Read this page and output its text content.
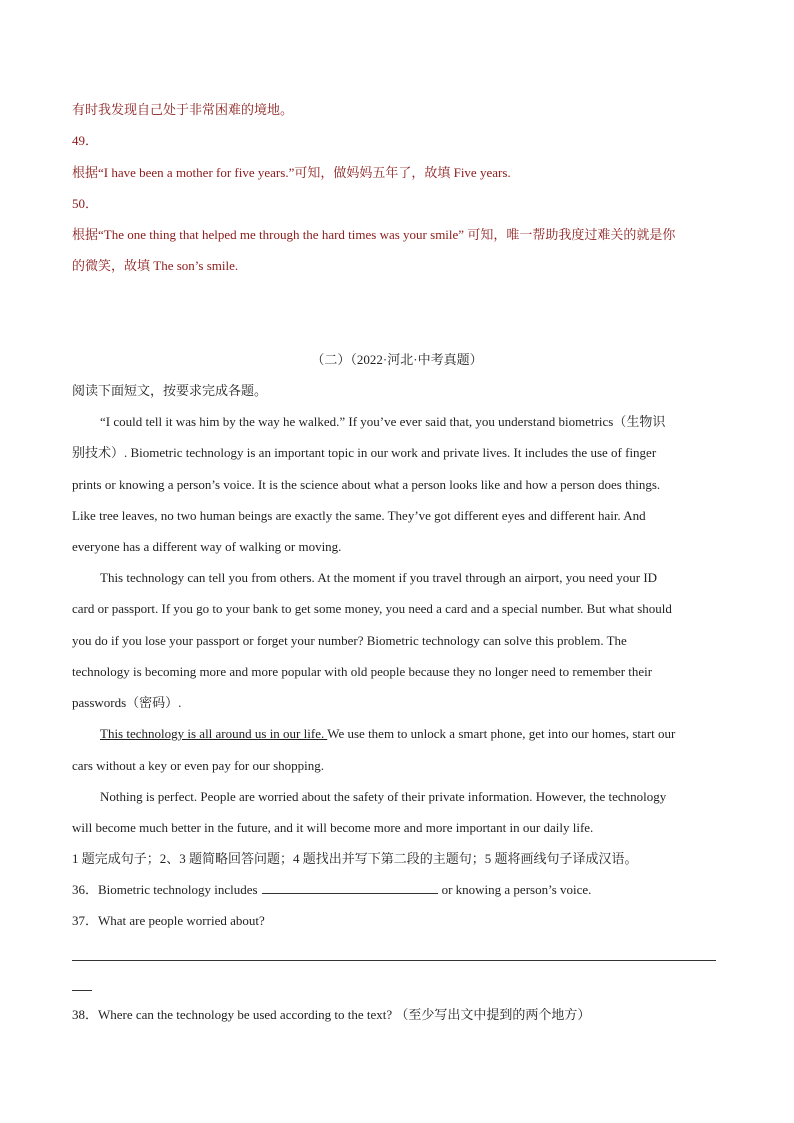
有时我发现自己处于非常困难的境地。
49．
根据“I have been a mother for five years.”可知，做妈妈五年了，故填 Five years.
50．
根据“The one thing that helped me through the hard times was your smile” 可知，唯一帮助我度过难关的就是你
的微笑，故填 The son’s smile.
（二）（2022·河北·中考真题）
阅读下面短文，按要求完成各题。
“I could tell it was him by the way he walked.” If you’ve ever said that, you understand biometrics（生物识
别技术）. Biometric technology is an important topic in our work and private lives. It includes the use of finger
prints or knowing a person’s voice. It is the science about what a person looks like and how a person does things.
Like tree leaves, no two human beings are exactly the same. They’ve got different eyes and different hair. And
everyone has a different way of walking or moving.
This technology can tell you from others. At the moment if you travel through an airport, you need your ID
card or passport. If you go to your bank to get some money, you need a card and a special number. But what should
you do if you lose your passport or forget your number? Biometric technology can solve this problem. The
technology is becoming more and more popular with old people because they no longer need to remember their
passwords（密码）.
This technology is all around us in our life. We use them to unlock a smart phone, get into our homes, start our
cars without a key or even pay for our shopping.
Nothing is perfect. People are worried about the safety of their private information. However, the technology
will become much better in the future, and it will become more and more important in our daily life.
1 题完成句子；2、3 题简略回答问题；4 题找出并写下第二段的主题句；5 题将画线句子译成汉语。
36．Biometric technology includes	or knowing a person’s voice.
37．What are people worried about?
38．Where can the technology be used according to the text? （至少写出文中提到的两个地方）
